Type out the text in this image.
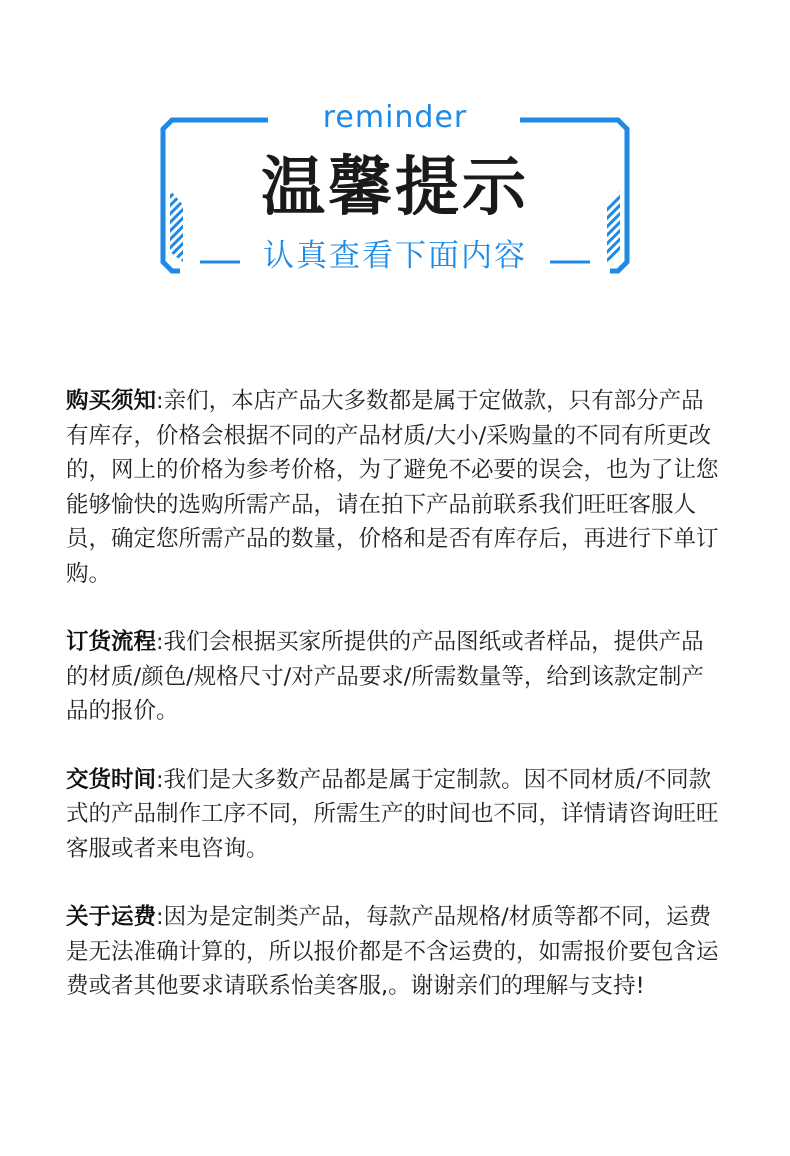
reminder
温馨提示
认真查看下面内容

购买须知:亲们，本店产品大多数都是属于定做款，只有部分产品有库存，价格会根据不同的产品材质/大小/采购量的不同有所更改的，网上的价格为参考价格，为了避免不必要的误会，也为了让您能够愉快的选购所需产品，请在拍下产品前联系我们旺旺客服人员，确定您所需产品的数量，价格和是否有库存后，再进行下单订购。

订货流程:我们会根据买家所提供的产品图纸或者样品，提供产品的材质/颜色/规格尺寸/对产品要求/所需数量等，给到该款定制产品的报价。

交货时间:我们是大多数产品都是属于定制款。因不同材质/不同款式的产品制作工序不同，所需生产的时间也不同，详情请咨询旺旺客服或者来电咨询。

关于运费:因为是定制类产品，每款产品规格/材质等都不同，运费是无法准确计算的，所以报价都是不含运费的，如需报价要包含运费或者其他要求请联系怡美客服,。谢谢亲们的理解与支持!
